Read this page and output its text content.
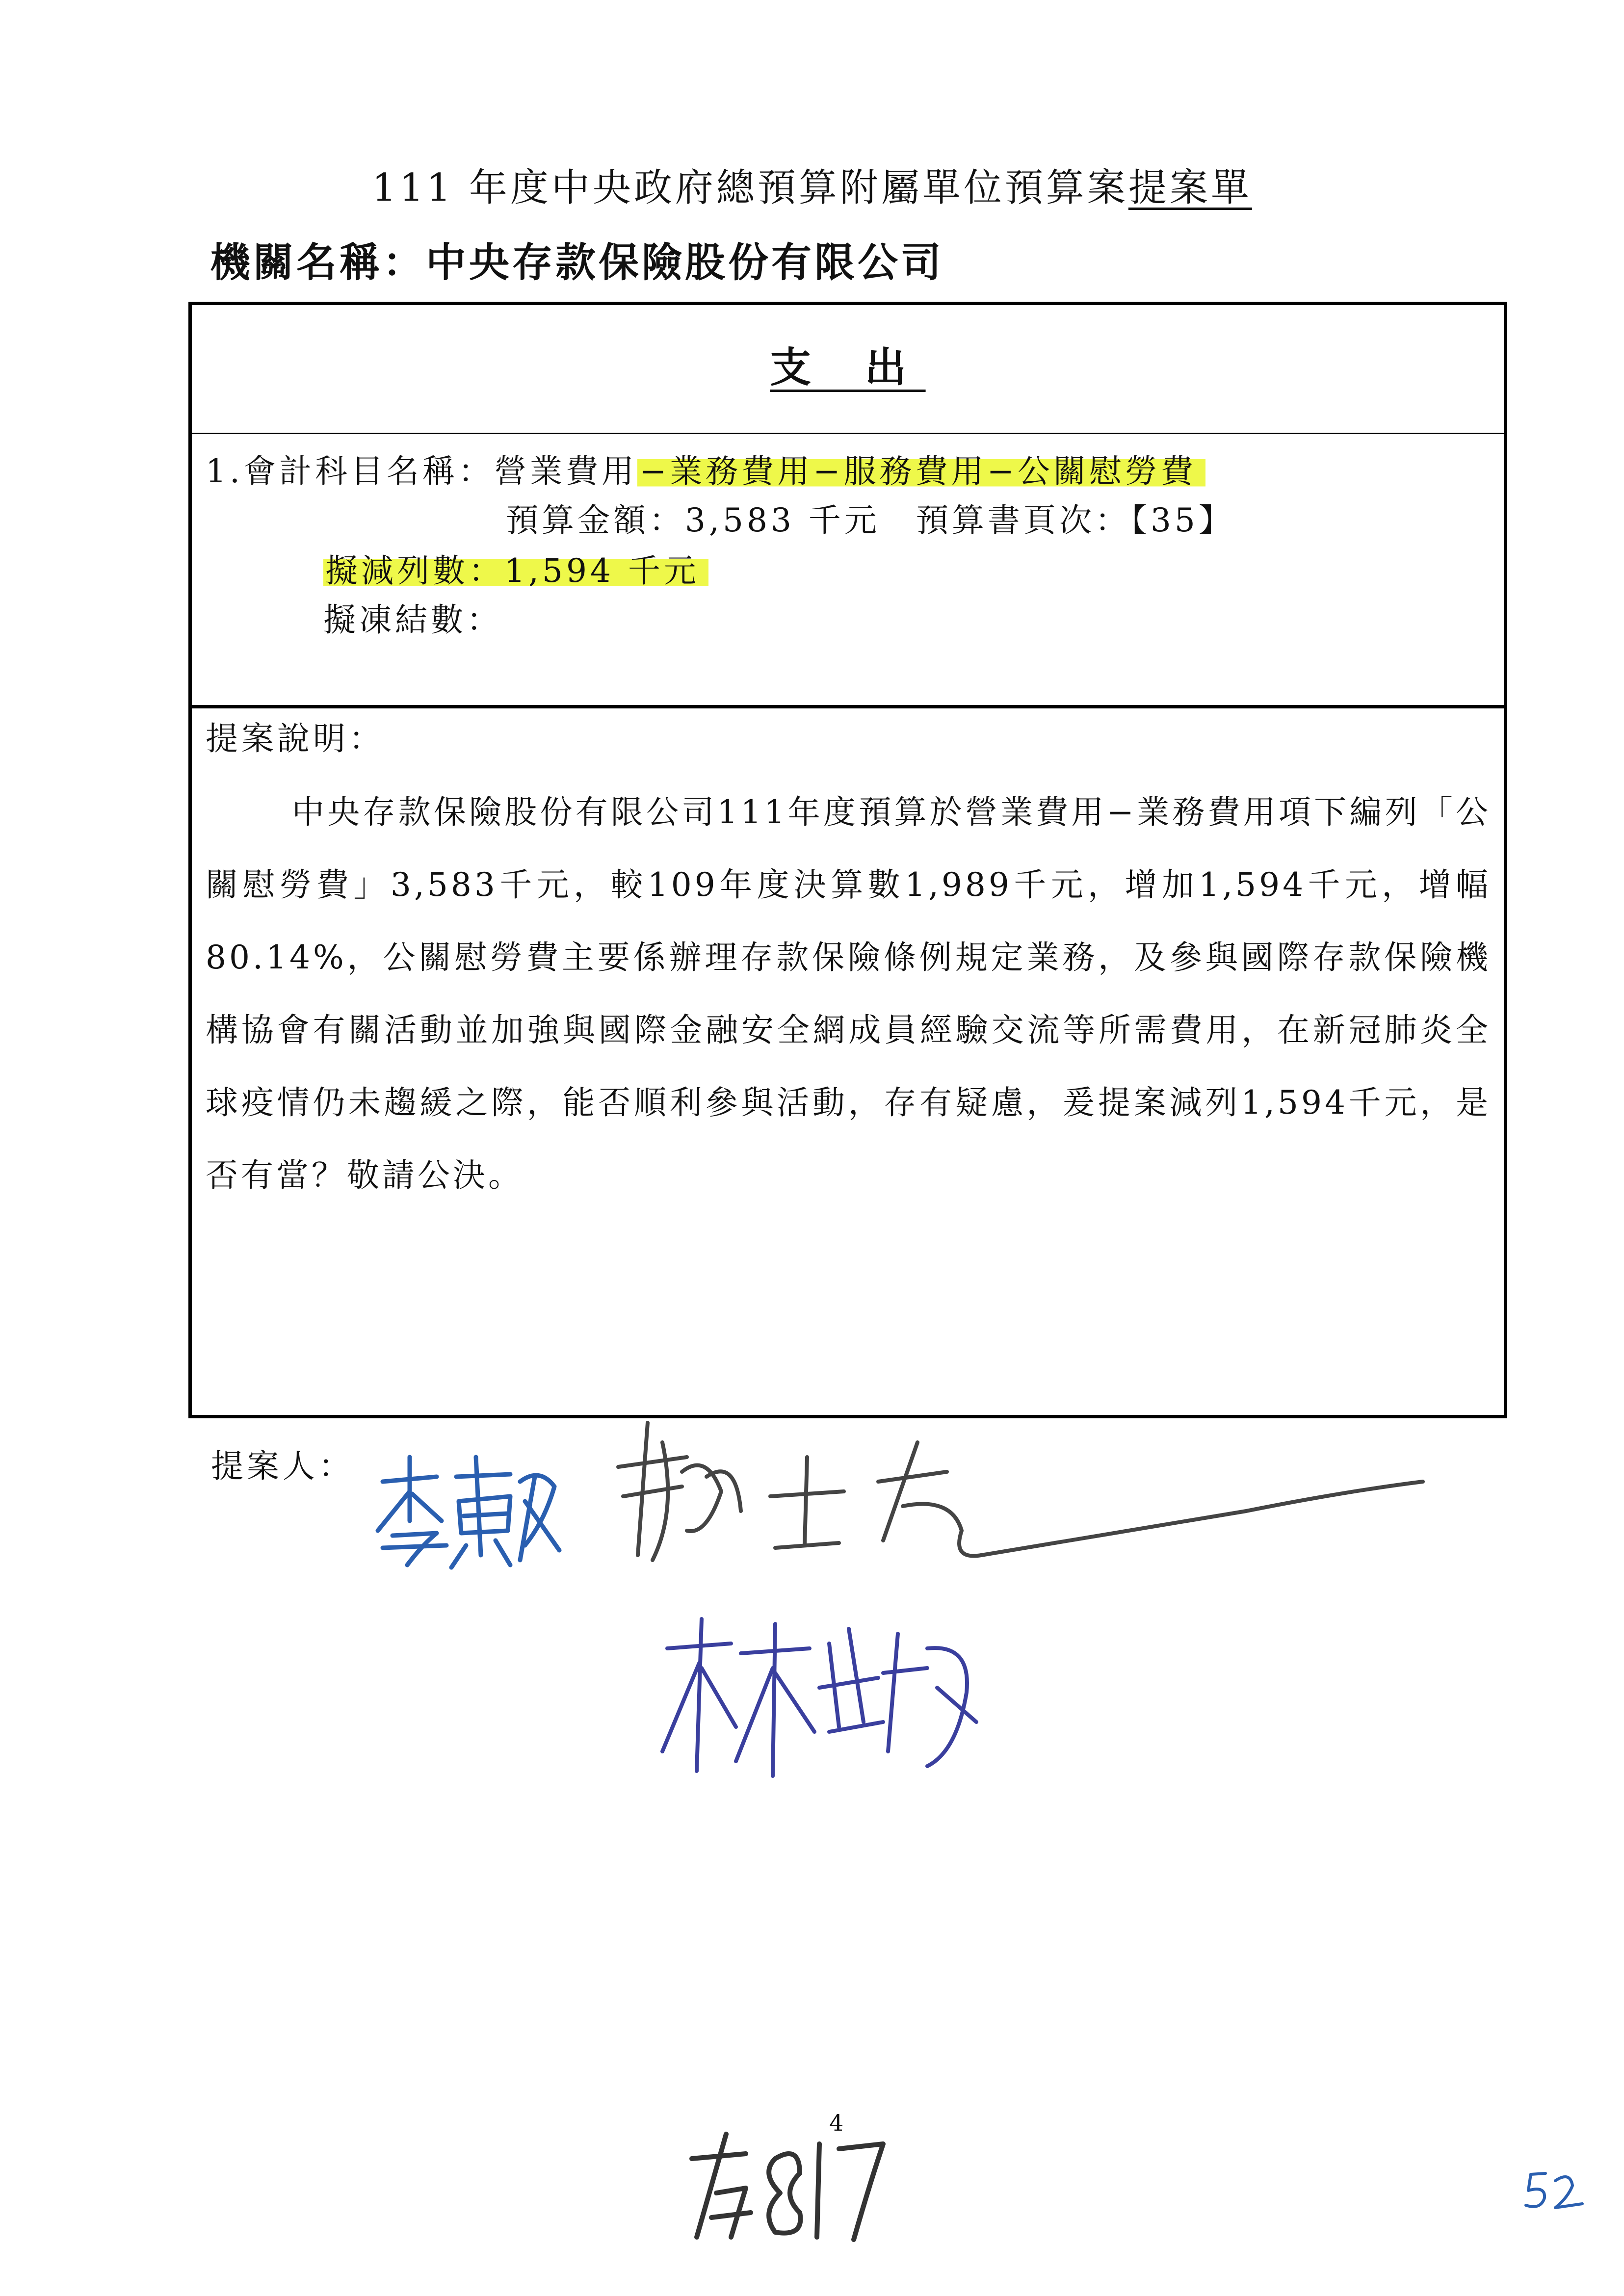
111 年度中央政府總預算附屬單位預算案提案單
機關名稱：中央存款保險股份有限公司
支 出
1.會計科目名稱：營業費用−業務費用−服務費用−公關慰勞費
預算金額：3,583 千元　預算書頁次：【35】
擬減列數：1,594 千元
擬凍結數：
提案說明：
中央存款保險股份有限公司111年度預算於營業費用−業務費用項下編列「公關慰勞費」3,583千元，較109年度決算數1,989千元，增加1,594千元，增幅80.14%，公關慰勞費主要係辦理存款保險條例規定業務，及參與國際存款保險機構協會有關活動並加強與國際金融安全網成員經驗交流等所需費用，在新冠肺炎全球疫情仍未趨緩之際，能否順利參與活動，存有疑慮，爰提案減列1,594千元，是否有當？敬請公決。
提案人：
4
